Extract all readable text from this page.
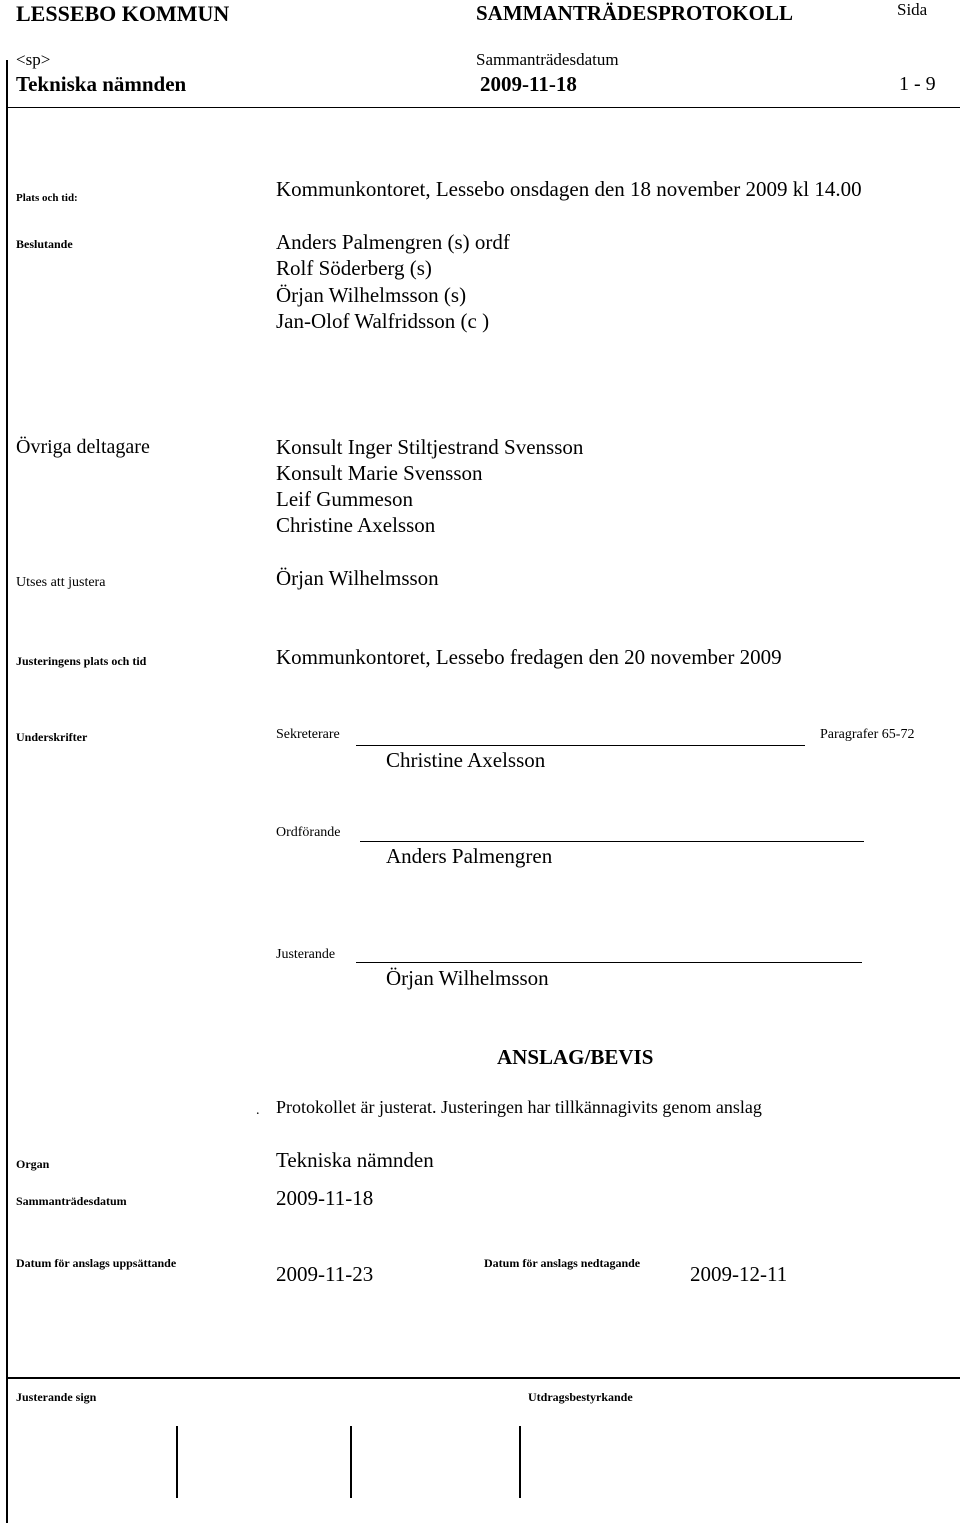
LESSEBO KOMMUN	SAMMANTRÄDESPROTOKOLL	Sida
<sp>	Sammanträdesdatum
Tekniska nämnden	2009-11-18	1 - 9
Plats och tid:	Kommunkontoret, Lessebo onsdagen den 18 november 2009 kl 14.00
Beslutande	Anders Palmengren (s) ordf
Rolf Söderberg (s)
Örjan Wilhelmsson (s)
Jan-Olof Walfridsson (c )
Övriga deltagare	Konsult Inger Stiltjestrand Svensson
Konsult Marie Svensson
Leif Gummeson
Christine Axelsson
Utses att justera	Örjan Wilhelmsson
Justeringens plats och tid	Kommunkontoret, Lessebo fredagen den 20 november 2009
Underskrifter	Sekreterare	Paragrafer 65-72
Christine Axelsson
Ordförande
Anders Palmengren
Justerande
Örjan Wilhelmsson
ANSLAG/BEVIS
. Protokollet är justerat. Justeringen har tillkännagivits genom anslag
Organ	Tekniska nämnden
Sammanträdesdatum	2009-11-18
Datum för anslags uppsättande	2009-11-23	Datum för anslags nedtagande 2009-12-11
Justerande sign	Utdragsbestyrkande
